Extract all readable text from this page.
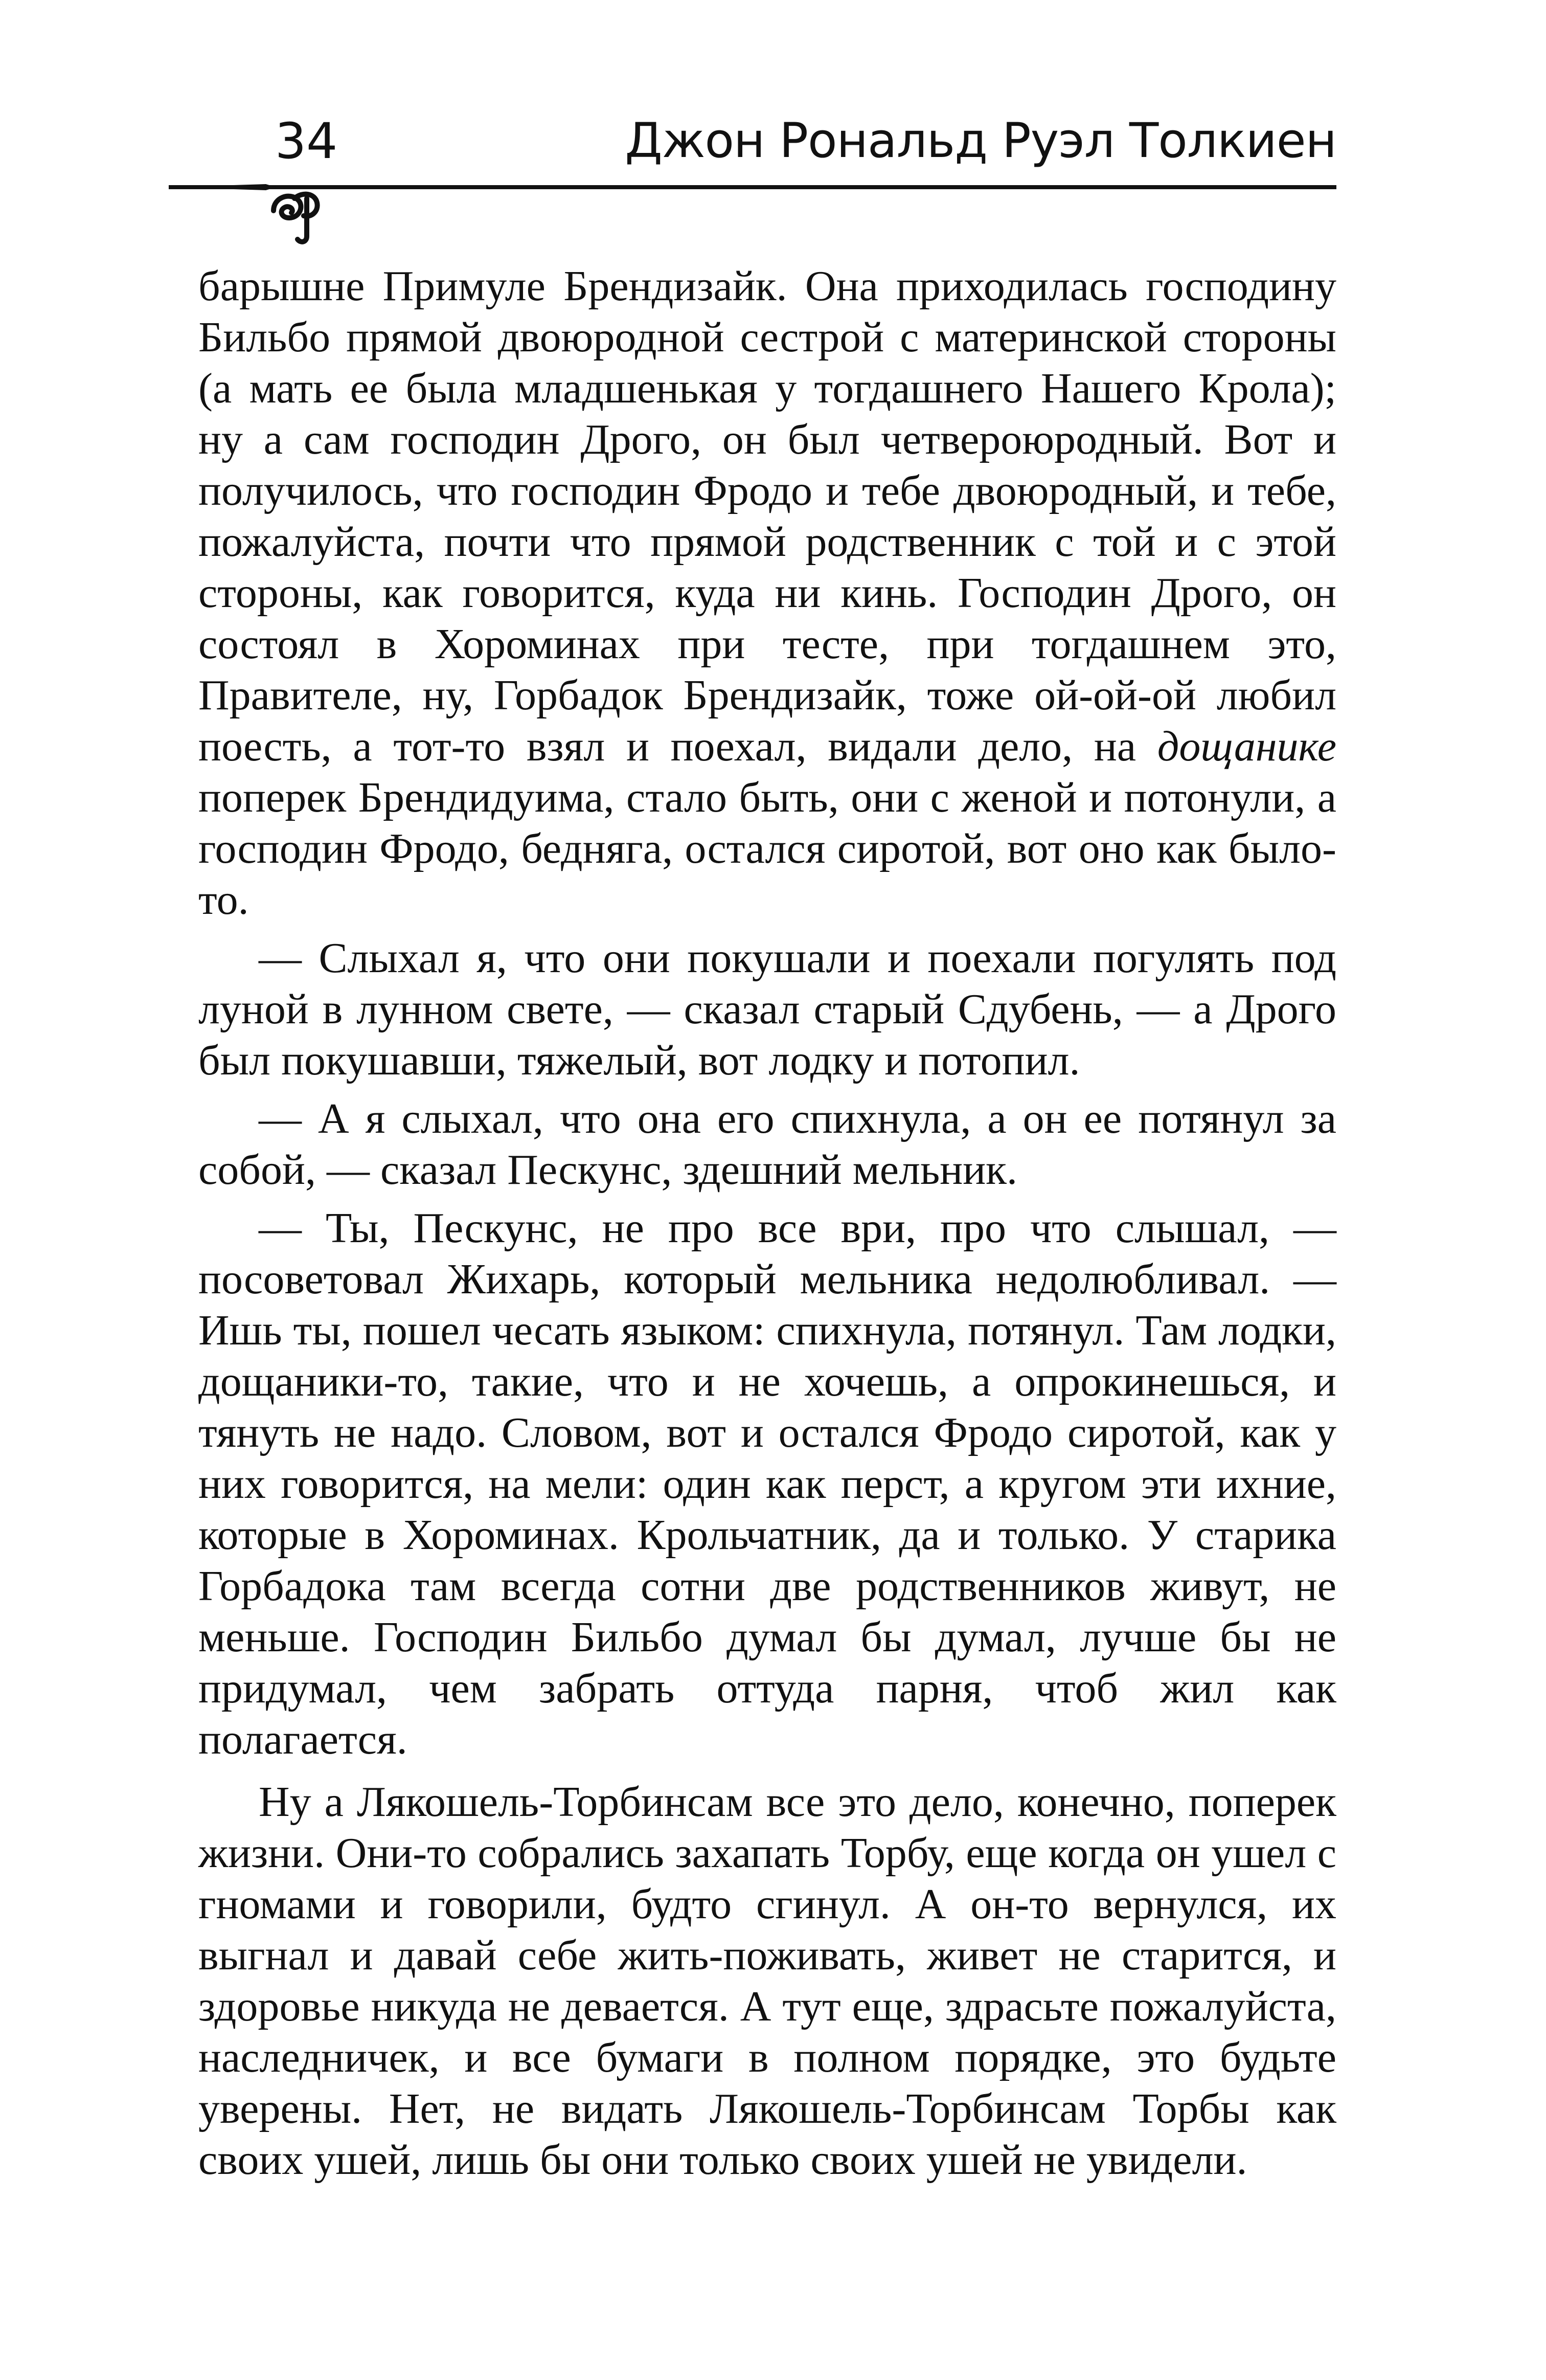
34	Джон Рональд Руэл Толкиен

барышне Примуле Брендизайк. Она приходилась господину Бильбо прямой двоюродной сестрой с материнской стороны (а мать ее была младшенькая у тогдашнего Нашего Крола); ну а сам господин Дрого, он был четвероюродный. Вот и получилось, что господин Фродо и тебе двоюродный, и тебе, пожалуйста, почти что прямой родственник с той и с этой стороны, как говорится, куда ни кинь. Господин Дрого, он состоял в Хороминах при тесте, при тогдашнем это, Правителе, ну, Горбадок Брендизайк, тоже ой-ой-ой любил поесть, а тот-то взял и поехал, видали дело, на дощанике поперек Брендидуима, стало быть, они с женой и потонули, а господин Фродо, бедняга, остался сиротой, вот оно как было-то.

— Слыхал я, что они покушали и поехали погулять под луной в лунном свете, — сказал старый Сдубень, — а Дрого был покушавши, тяжелый, вот лодку и потопил.

— А я слыхал, что она его спихнула, а он ее потянул за собой, — сказал Пескунс, здешний мельник.

— Ты, Пескунс, не про все ври, про что слышал, — посоветовал Жихарь, который мельника недолюбливал. — Ишь ты, пошел чесать языком: спихнула, потянул. Там лодки, дощаники-то, такие, что и не хочешь, а опрокинешься, и тянуть не надо. Словом, вот и остался Фродо сиротой, как у них говорится, на мели: один как перст, а кругом эти ихние, которые в Хороминах. Крольчатник, да и только. У старика Горбадока там всегда сотни две родственников живут, не меньше. Господин Бильбо думал бы думал, лучше бы не придумал, чем забрать оттуда парня, чтоб жил как полагается.

Ну а Лякошель-Торбинсам все это дело, конечно, поперек жизни. Они-то собрались захапать Торбу, еще когда он ушел с гномами и говорили, будто сгинул. А он-то вернулся, их выгнал и давай себе жить-поживать, живет не старится, и здоровье никуда не девается. А тут еще, здрасьте пожалуйста, наследничек, и все бумаги в полном порядке, это будьте уверены. Нет, не видать Лякошель-Торбинсам Торбы как своих ушей, лишь бы они только своих ушей не увидели.
